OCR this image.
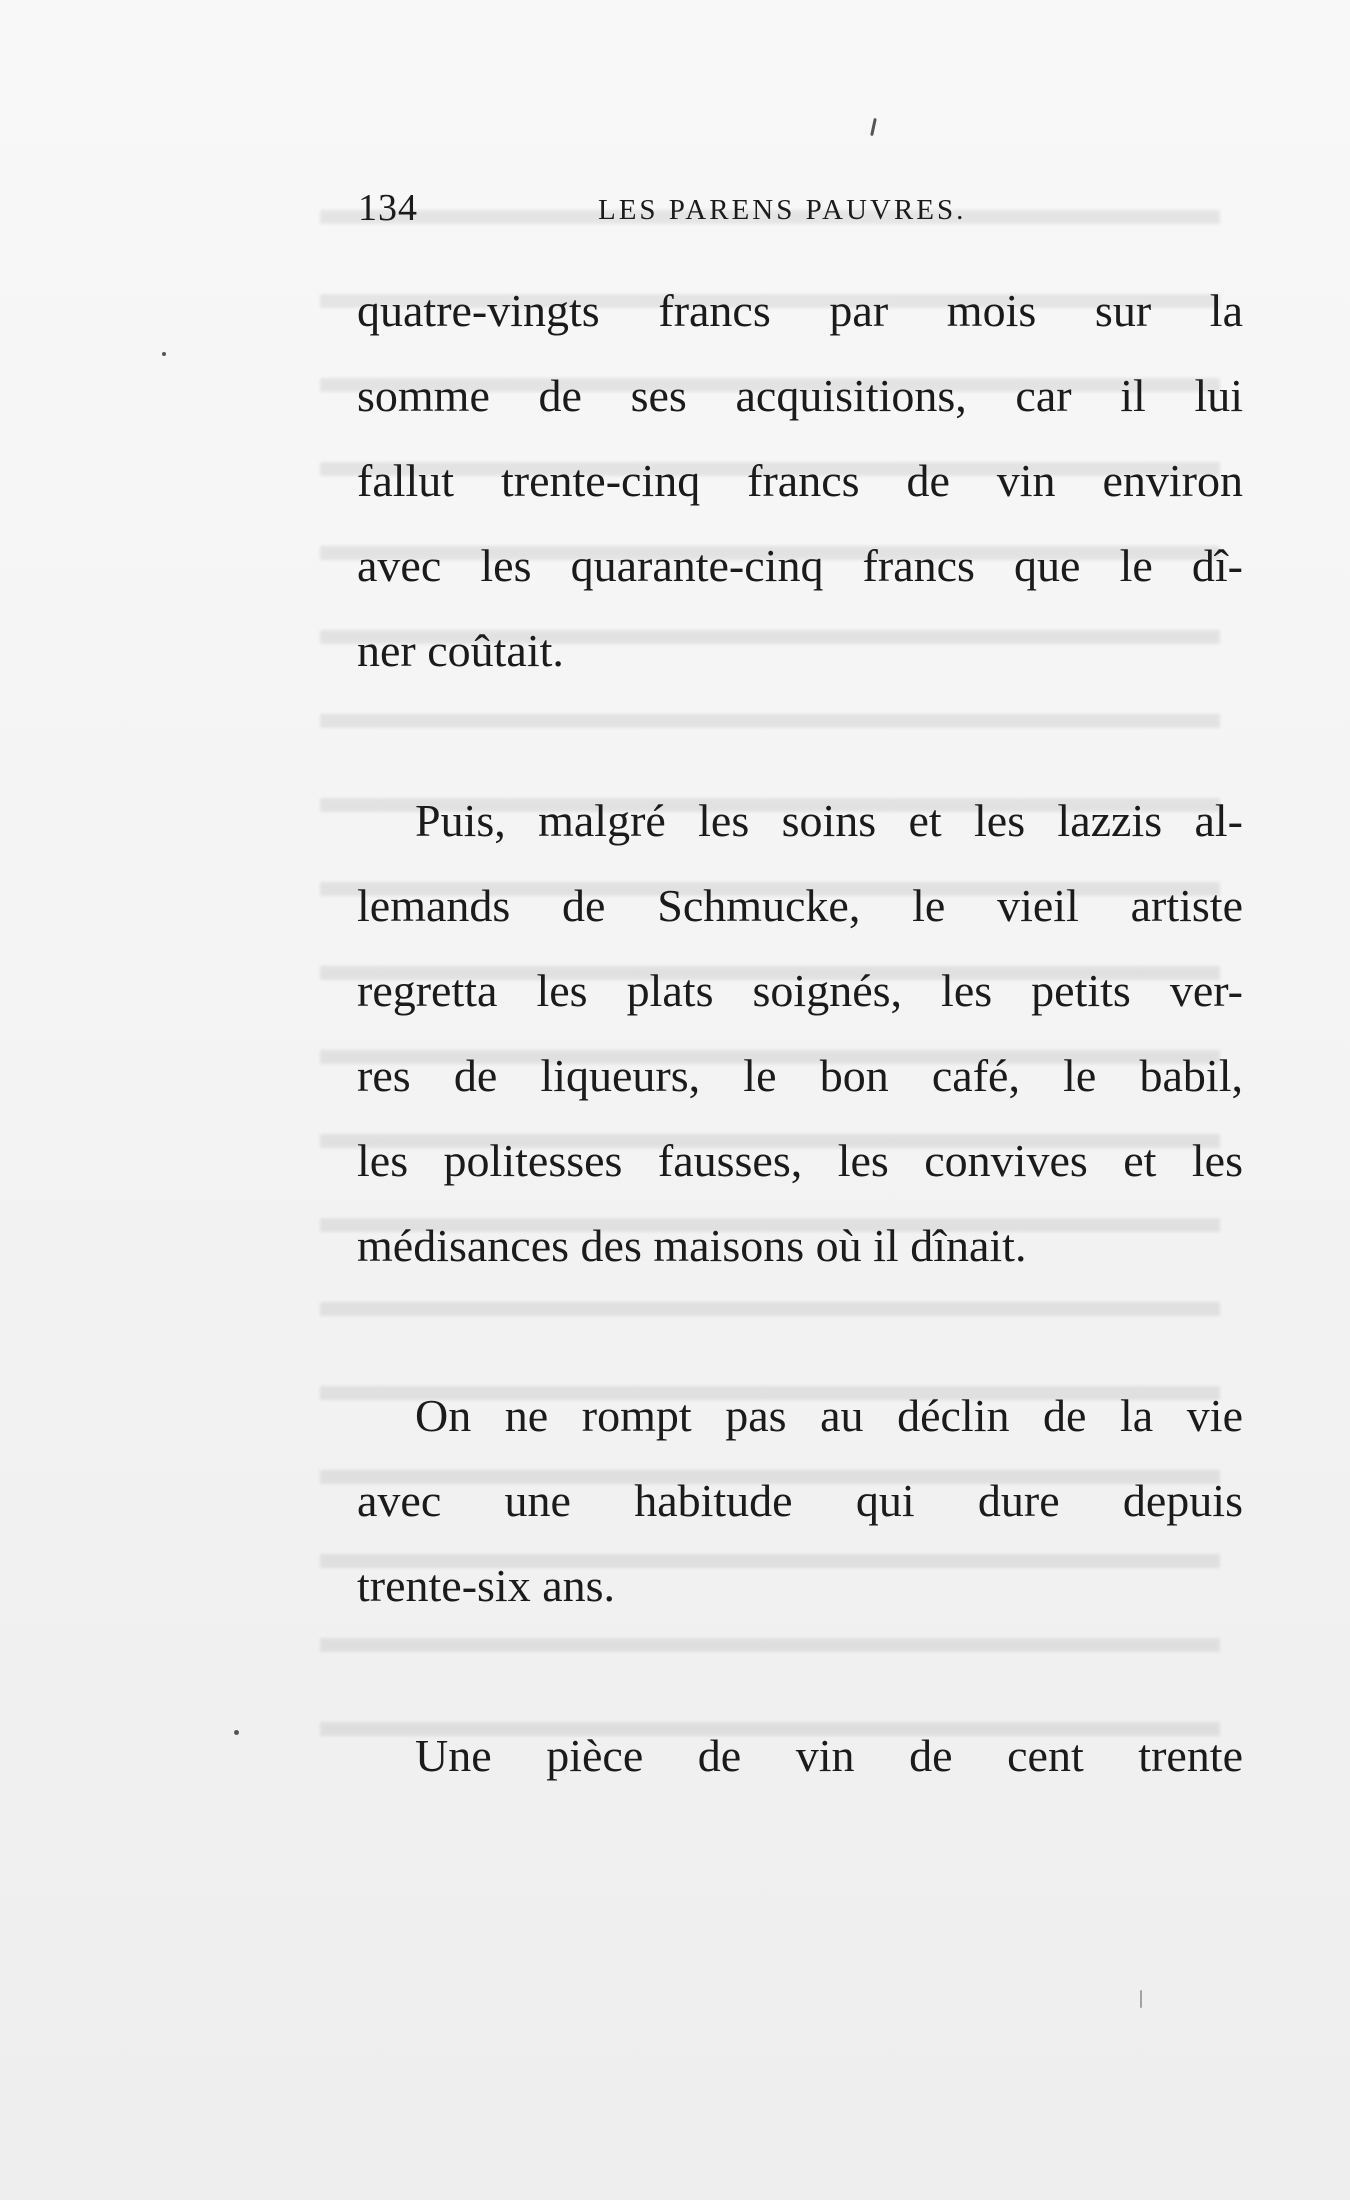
134	LES PARENS PAUVRES.
quatre-vingts francs par mois sur la
somme de ses acquisitions, car il lui
fallut trente-cinq francs de vin environ
avec les quarante-cinq francs que le dî-
ner coûtait.
Puis, malgré les soins et les lazzis al-
lemands de Schmucke, le vieil artiste
regretta les plats soignés, les petits ver-
res de liqueurs, le bon café, le babil,
les politesses fausses, les convives et les
médisances des maisons où il dînait.
On ne rompt pas au déclin de la vie
avec une habitude qui dure depuis
trente-six ans.
Une pièce de vin de cent trente
